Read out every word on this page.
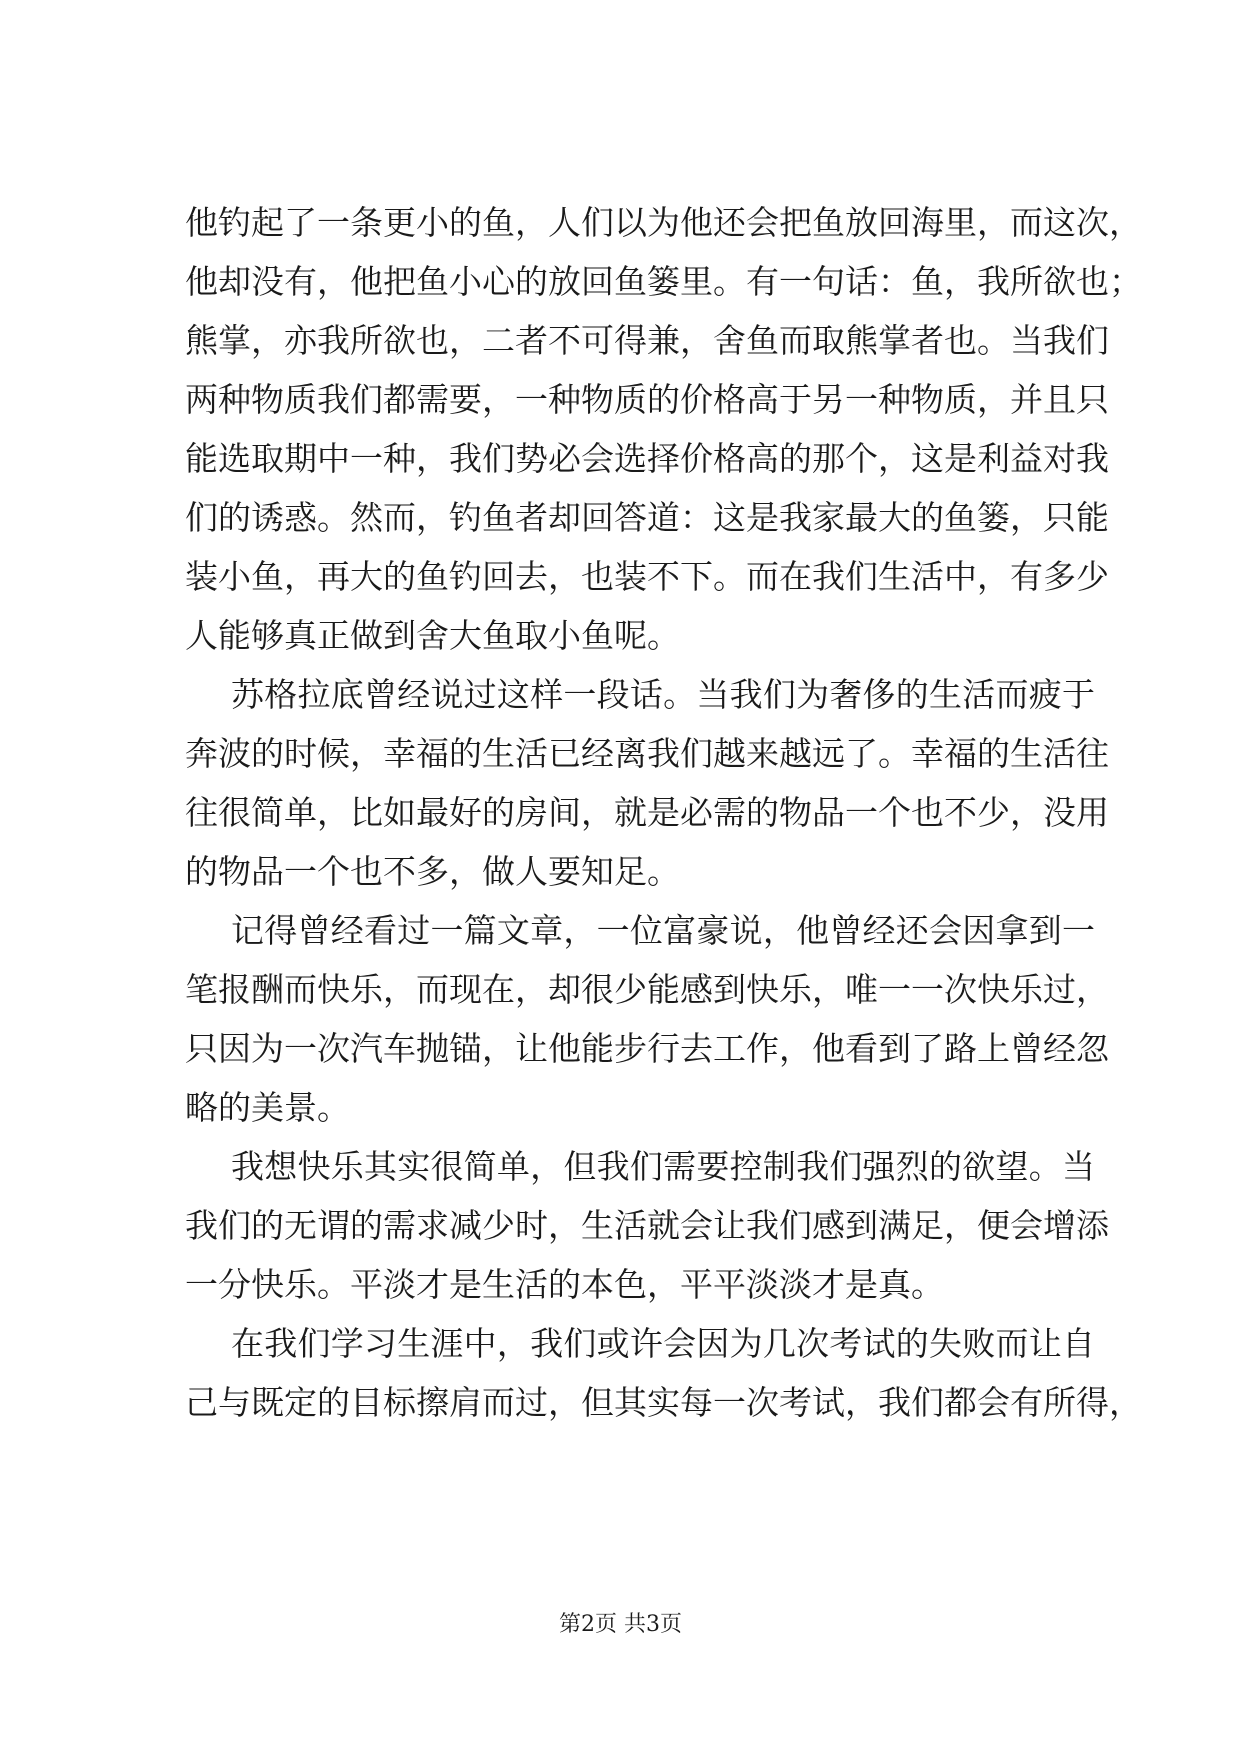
他钓起了一条更小的鱼，人们以为他还会把鱼放回海里，而这次，
他却没有，他把鱼小心的放回鱼篓里。有一句话：鱼，我所欲也；
熊掌，亦我所欲也，二者不可得兼，舍鱼而取熊掌者也。当我们
两种物质我们都需要，一种物质的价格高于另一种物质，并且只
能选取期中一种，我们势必会选择价格高的那个，这是利益对我
们的诱惑。然而，钓鱼者却回答道：这是我家最大的鱼篓，只能
装小鱼，再大的鱼钓回去，也装不下。而在我们生活中，有多少
人能够真正做到舍大鱼取小鱼呢。
苏格拉底曾经说过这样一段话。当我们为奢侈的生活而疲于
奔波的时候，幸福的生活已经离我们越来越远了。幸福的生活往
往很简单，比如最好的房间，就是必需的物品一个也不少，没用
的物品一个也不多，做人要知足。
记得曾经看过一篇文章，一位富豪说，他曾经还会因拿到一
笔报酬而快乐，而现在，却很少能感到快乐，唯一一次快乐过，
只因为一次汽车抛锚，让他能步行去工作，他看到了路上曾经忽
略的美景。
我想快乐其实很简单，但我们需要控制我们强烈的欲望。当
我们的无谓的需求减少时，生活就会让我们感到满足，便会增添
一分快乐。平淡才是生活的本色，平平淡淡才是真。
在我们学习生涯中，我们或许会因为几次考试的失败而让自
己与既定的目标擦肩而过，但其实每一次考试，我们都会有所得，
第2页 共3页
